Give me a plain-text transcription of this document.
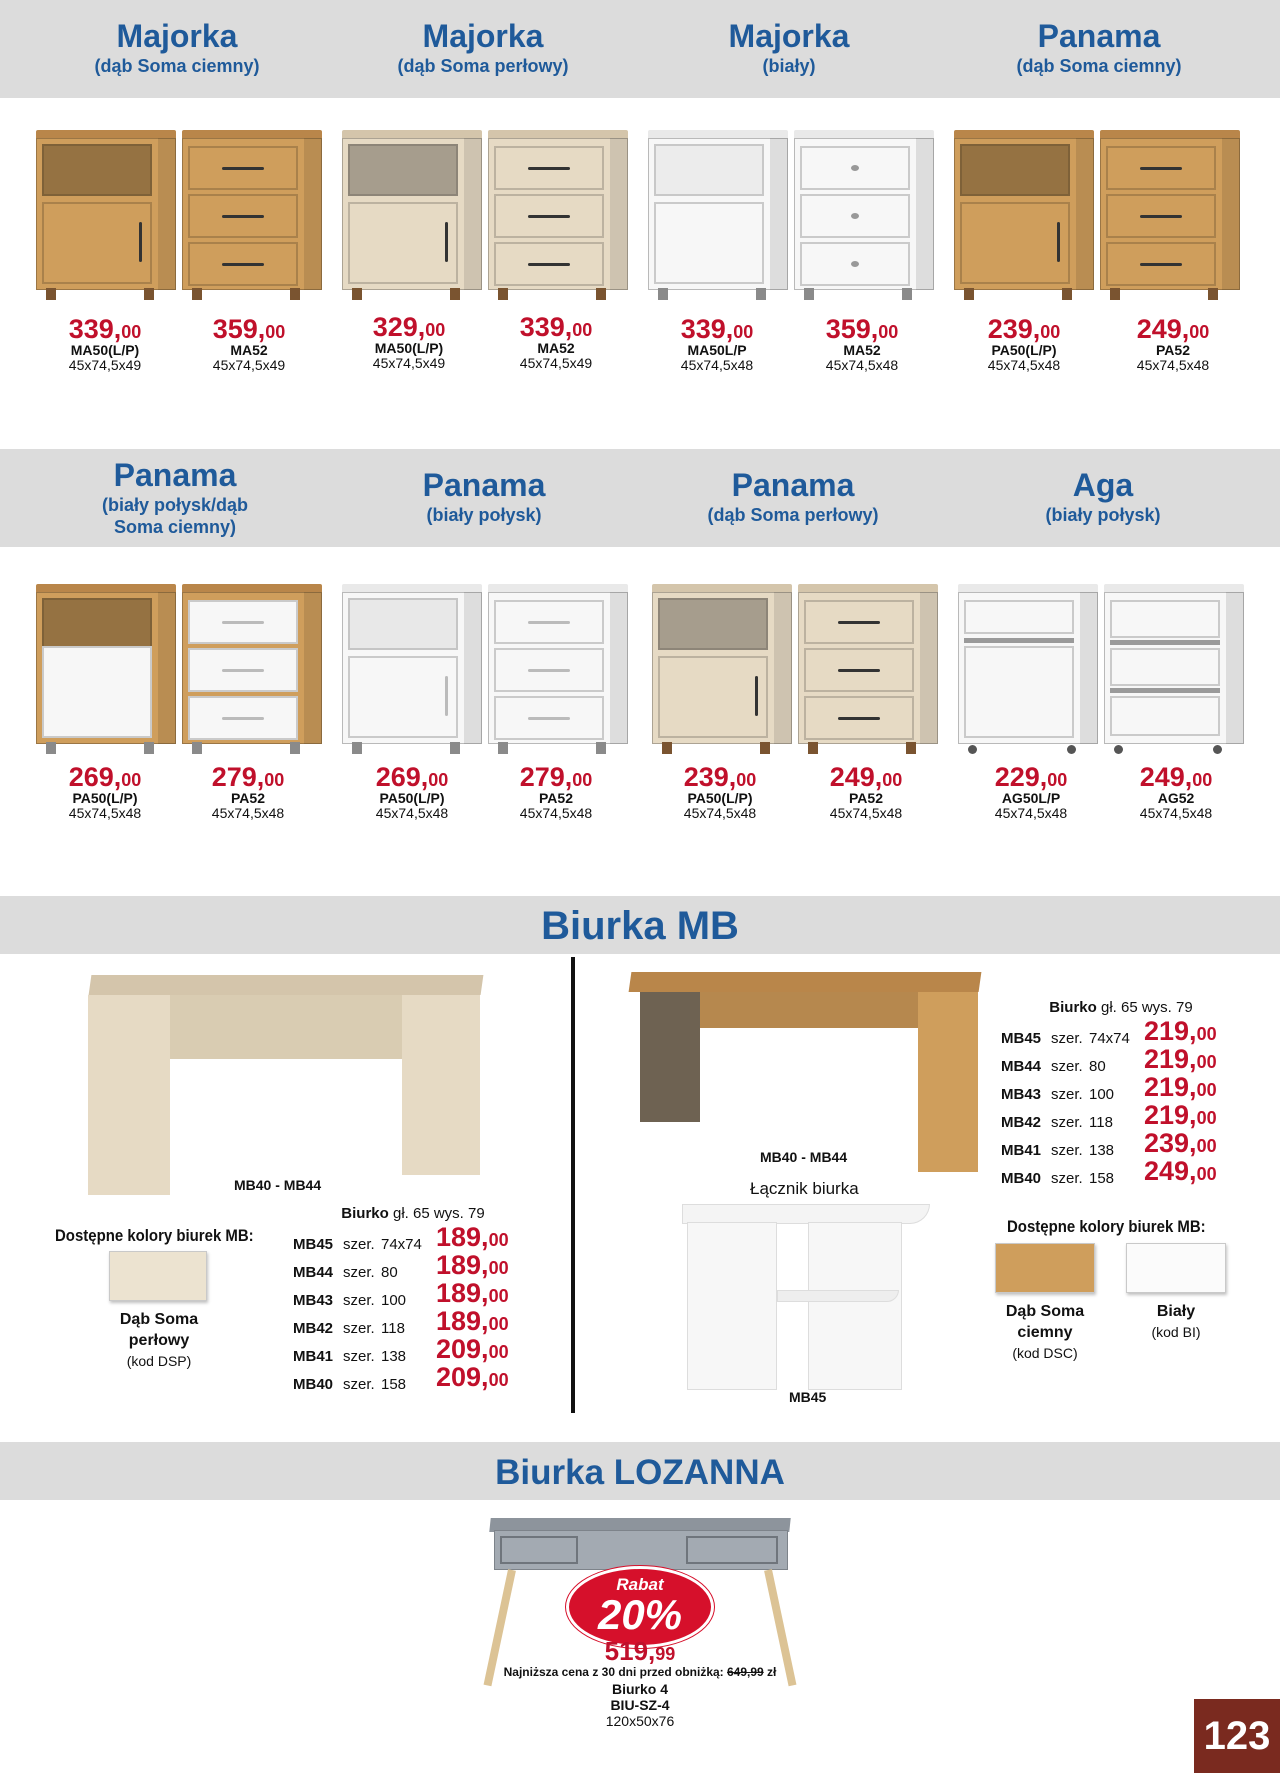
Majorka
(dąb Soma ciemny)
Majorka
(dąb Soma perłowy)
Majorka
(biały)
Panama
(dąb Soma ciemny)
339,00
MA50(L/P)
45x74,5x49
359,00
MA52
45x74,5x49
329,00
MA50(L/P)
45x74,5x49
339,00
MA52
45x74,5x49
339,00
MA50L/P
45x74,5x48
359,00
MA52
45x74,5x48
239,00
PA50(L/P)
45x74,5x48
249,00
PA52
45x74,5x48
Panama
(biały połysk/dąb
Soma ciemny)
Panama
(biały połysk)
Panama
(dąb Soma perłowy)
Aga
(biały połysk)
269,00
PA50(L/P)
45x74,5x48
279,00
PA52
45x74,5x48
269,00
PA50(L/P)
45x74,5x48
279,00
PA52
45x74,5x48
239,00
PA50(L/P)
45x74,5x48
249,00
PA52
45x74,5x48
229,00
AG50L/P
45x74,5x48
249,00
AG52
45x74,5x48
Biurka MB
MB40 - MB44
Biurko gł. 65 wys. 79
MB45 szer. 74x74 189,00
MB44 szer. 80	189,00
MB43 szer. 100	189,00
MB42 szer. 118	189,00
MB41 szer. 138	209,00
MB40 szer. 158	209,00
Dostępne kolory biurek MB:
Dąb Soma
perłowy
(kod DSP)
MB40 - MB44
Łącznik biurka
MB45
Biurko gł. 65 wys. 79
MB45 szer. 74x74 219,00
MB44 szer. 80	219,00
MB43 szer. 100	219,00
MB42 szer. 118	219,00
MB41 szer. 138	239,00
MB40 szer. 158	249,00
Dostępne kolory biurek MB:
Dąb Soma
ciemny
(kod DSC)
Biały
(kod BI)
Biurka LOZANNA
Rabat
20%
519,99
Najniższa cena z 30 dni przed obniżką: 649,99 zł
Biurko 4
BIU-SZ-4
120x50x76	123
